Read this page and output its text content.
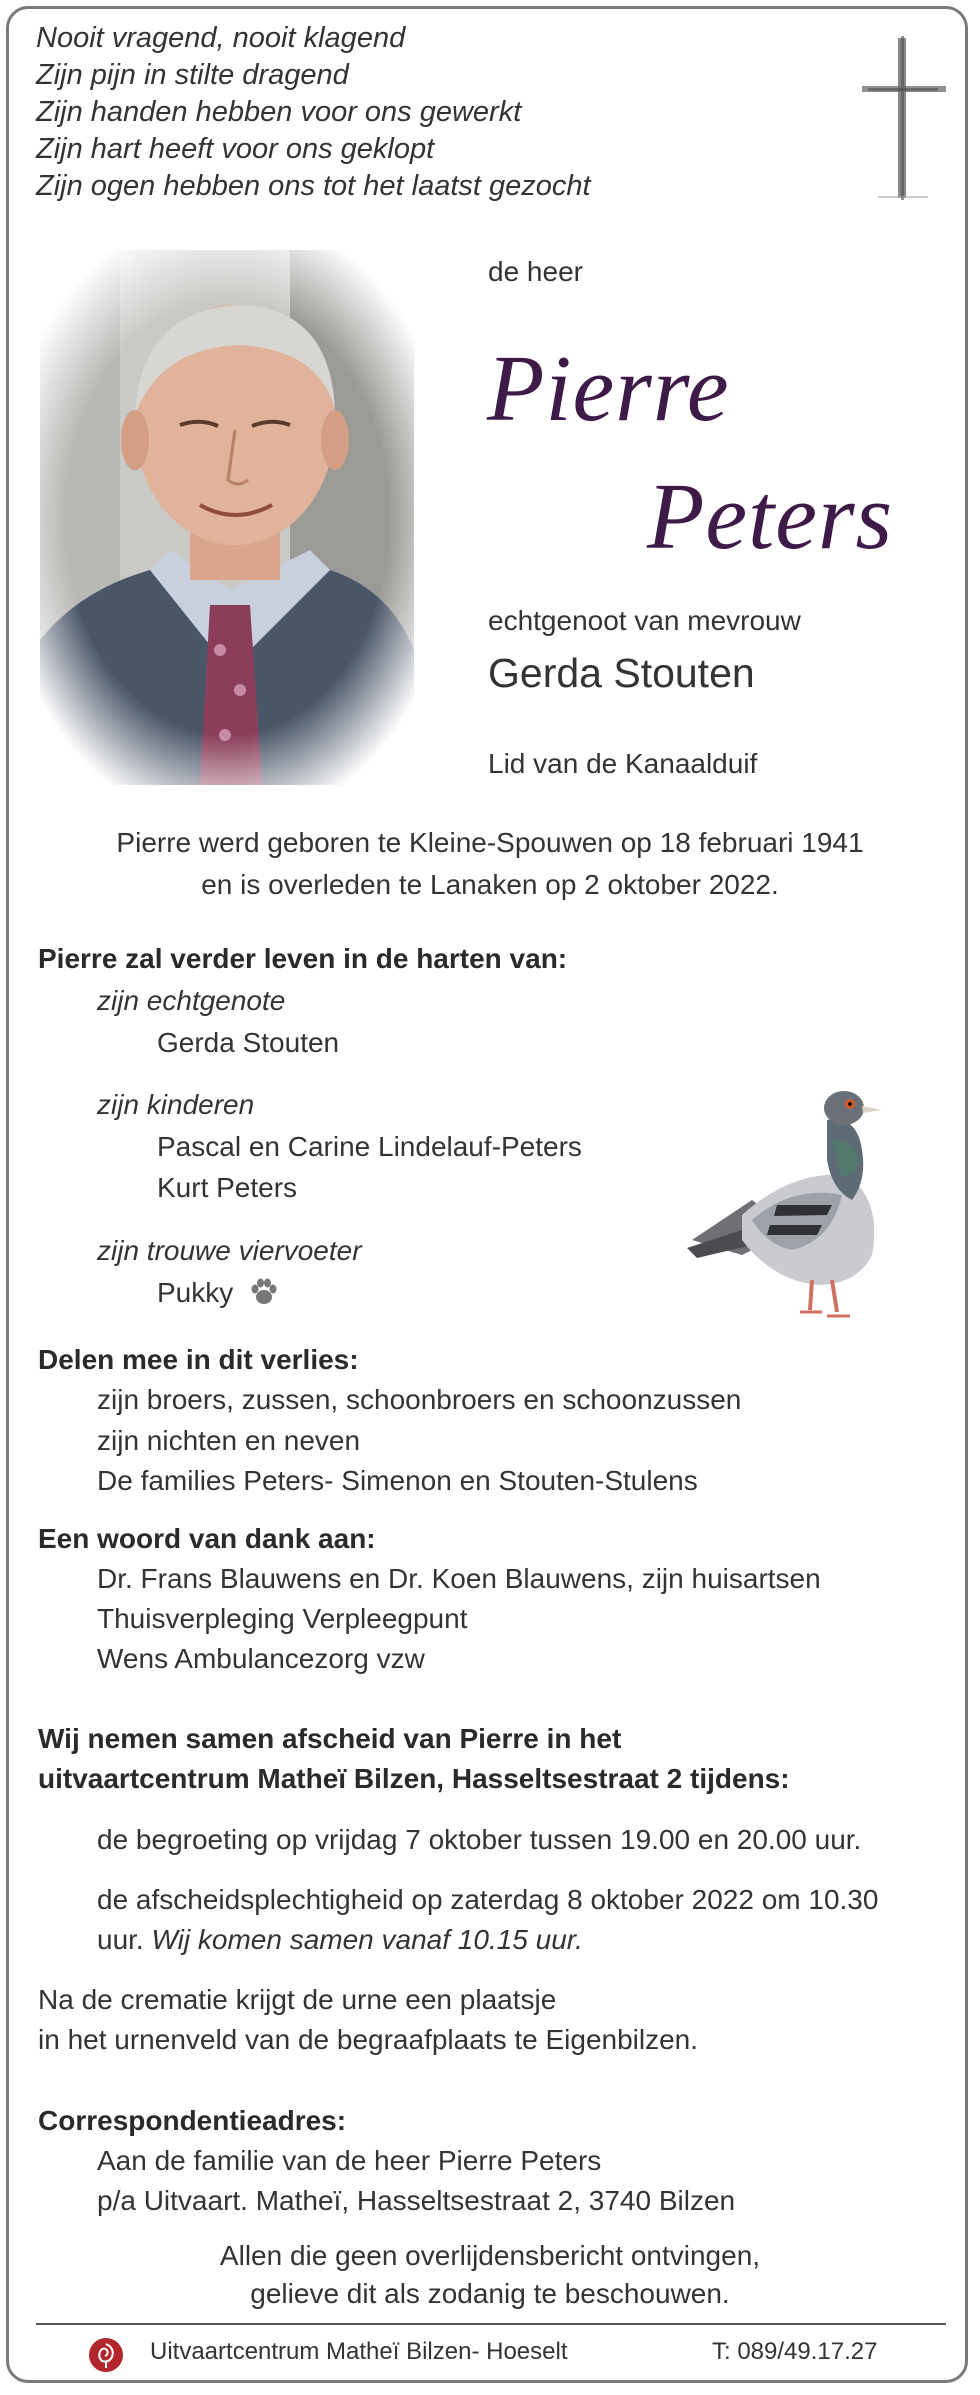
Nooit vragend, nooit klagend
Zijn pijn in stilte dragend
Zijn handen hebben voor ons gewerkt
Zijn hart heeft voor ons geklopt
Zijn ogen hebben ons tot het laatst gezocht
de heer
Pierre
Peters
echtgenoot van mevrouw
Gerda Stouten
Lid van de Kanaalduif
Pierre werd geboren te Kleine-Spouwen op 18 februari 1941
en is overleden te Lanaken op 2 oktober 2022.
Pierre zal verder leven in de harten van:
zijn echtgenote
Gerda Stouten
zijn kinderen
Pascal en Carine Lindelauf-Peters
Kurt Peters
zijn trouwe viervoeter
Pukky
Delen mee in dit verlies:
zijn broers, zussen, schoonbroers en schoonzussen
zijn nichten en neven
De families Peters- Simenon en Stouten-Stulens
Een woord van dank aan:
Dr. Frans Blauwens en Dr. Koen Blauwens, zijn huisartsen
Thuisverpleging Verpleegpunt
Wens Ambulancezorg vzw
Wij nemen samen afscheid van Pierre in het
uitvaartcentrum Matheï Bilzen, Hasseltsestraat 2 tijdens:
de begroeting op vrijdag 7 oktober tussen 19.00 en 20.00 uur.
de afscheidsplechtigheid op zaterdag 8 oktober 2022 om 10.30
uur. Wij komen samen vanaf 10.15 uur.
Na de crematie krijgt de urne een plaatsje
in het urnenveld van de begraafplaats te Eigenbilzen.
Correspondentieadres:
Aan de familie van de heer Pierre Peters
p/a Uitvaart. Matheï, Hasseltsestraat 2, 3740 Bilzen
Allen die geen overlijdensbericht ontvingen,
gelieve dit als zodanig te beschouwen.
Uitvaartcentrum Matheï Bilzen- Hoeselt	T: 089/49.17.27
